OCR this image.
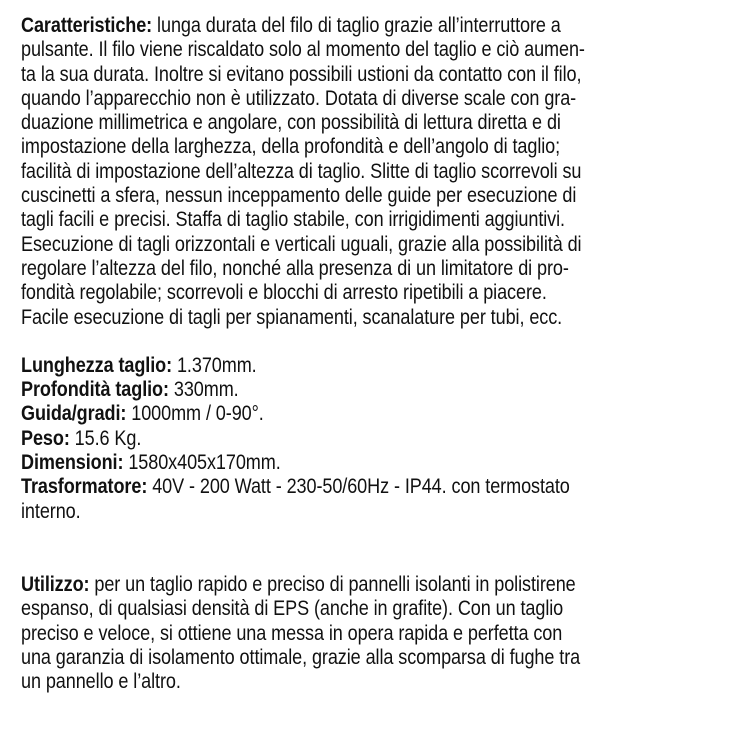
Caratteristiche: lunga durata del filo di taglio grazie all’interruttore a
pulsante. Il filo viene riscaldato solo al momento del taglio e ciò aumen-
ta la sua durata. Inoltre si evitano possibili ustioni da contatto con il filo,
quando l’apparecchio non è utilizzato. Dotata di diverse scale con gra-
duazione millimetrica e angolare, con possibilità di lettura diretta e di
impostazione della larghezza, della profondità e dell’angolo di taglio;
facilità di impostazione dell’altezza di taglio. Slitte di taglio scorrevoli su
cuscinetti a sfera, nessun inceppamento delle guide per esecuzione di
tagli facili e precisi. Staffa di taglio stabile, con irrigidimenti aggiuntivi.
Esecuzione di tagli orizzontali e verticali uguali, grazie alla possibilità di
regolare l’altezza del filo, nonché alla presenza di un limitatore di pro-
fondità regolabile; scorrevoli e blocchi di arresto ripetibili a piacere.
Facile esecuzione di tagli per spianamenti, scanalature per tubi, ecc.
Lunghezza taglio: 1.370mm.
Profondità taglio: 330mm.
Guida/gradi: 1000mm / 0-90°.
Peso: 15.6 Kg.
Dimensioni: 1580x405x170mm.
Trasformatore: 40V - 200 Watt - 230-50/60Hz - IP44. con termostato
interno.
Utilizzo: per un taglio rapido e preciso di pannelli isolanti in polistirene
espanso, di qualsiasi densità di EPS (anche in grafite). Con un taglio
preciso e veloce, si ottiene una messa in opera rapida e perfetta con
una garanzia di isolamento ottimale, grazie alla scomparsa di fughe tra
un pannello e l’altro.
